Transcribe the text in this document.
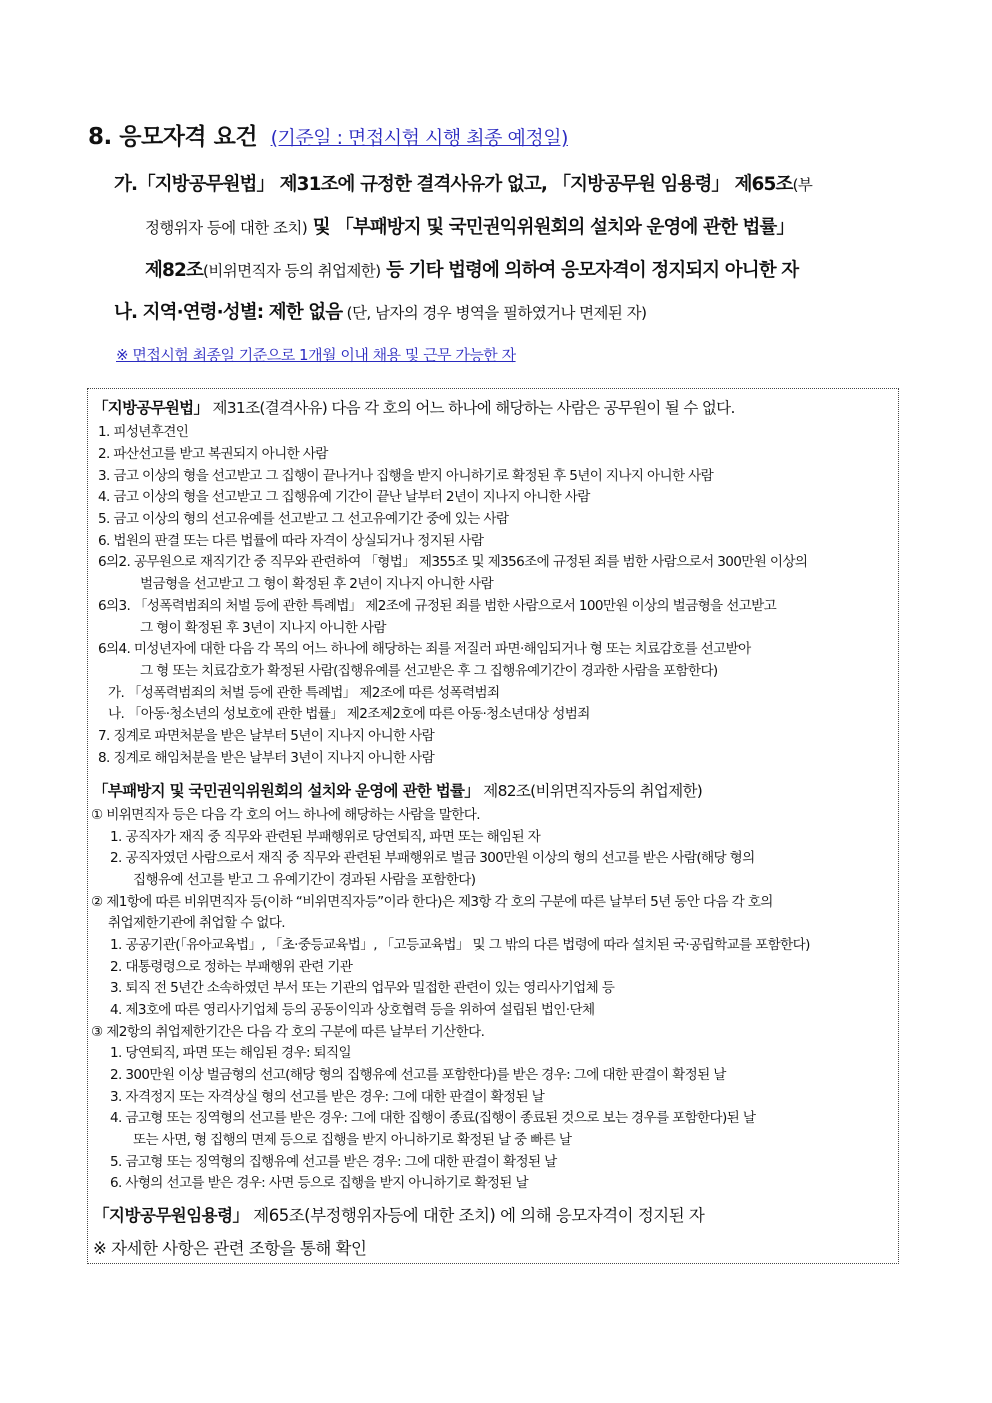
8. 응모자격 요건 (기준일 : 면접시험 시행 최종 예정일)
가.「지방공무원법」 제31조에 규정한 결격사유가 없고, 「지방공무원 임용령」 제65조(부
정행위자 등에 대한 조치) 및 「부패방지 및 국민권익위원회의 설치와 운영에 관한 법률」
제82조(비위면직자 등의 취업제한) 등 기타 법령에 의하여 응모자격이 정지되지 아니한 자
나. 지역·연령·성별: 제한 없음 (단, 남자의 경우 병역을 필하였거나 면제된 자)
※ 면접시험 최종일 기준으로 1개월 이내 채용 및 근무 가능한 자
「지방공무원법」 제31조(결격사유) 다음 각 호의 어느 하나에 해당하는 사람은 공무원이 될 수 없다.
1. 피성년후견인
2. 파산선고를 받고 복권되지 아니한 사람
3. 금고 이상의 형을 선고받고 그 집행이 끝나거나 집행을 받지 아니하기로 확정된 후 5년이 지나지 아니한 사람
4. 금고 이상의 형을 선고받고 그 집행유예 기간이 끝난 날부터 2년이 지나지 아니한 사람
5. 금고 이상의 형의 선고유예를 선고받고 그 선고유예기간 중에 있는 사람
6. 법원의 판결 또는 다른 법률에 따라 자격이 상실되거나 정지된 사람
6의2. 공무원으로 재직기간 중 직무와 관련하여 「형법」 제355조 및 제356조에 규정된 죄를 범한 사람으로서 300만원 이상의
벌금형을 선고받고 그 형이 확정된 후 2년이 지나지 아니한 사람
6의3. 「성폭력범죄의 처벌 등에 관한 특례법」 제2조에 규정된 죄를 범한 사람으로서 100만원 이상의 벌금형을 선고받고
그 형이 확정된 후 3년이 지나지 아니한 사람
6의4. 미성년자에 대한 다음 각 목의 어느 하나에 해당하는 죄를 저질러 파면·해임되거나 형 또는 치료감호를 선고받아
그 형 또는 치료감호가 확정된 사람(집행유예를 선고받은 후 그 집행유예기간이 경과한 사람을 포함한다)
가. 「성폭력범죄의 처벌 등에 관한 특례법」 제2조에 따른 성폭력범죄
나. 「아동·청소년의 성보호에 관한 법률」 제2조제2호에 따른 아동·청소년대상 성범죄
7. 징계로 파면처분을 받은 날부터 5년이 지나지 아니한 사람
8. 징계로 해임처분을 받은 날부터 3년이 지나지 아니한 사람
「부패방지 및 국민권익위원회의 설치와 운영에 관한 법률」 제82조(비위면직자등의 취업제한)
① 비위면직자 등은 다음 각 호의 어느 하나에 해당하는 사람을 말한다.
1. 공직자가 재직 중 직무와 관련된 부패행위로 당연퇴직, 파면 또는 해임된 자
2. 공직자였던 사람으로서 재직 중 직무와 관련된 부패행위로 벌금 300만원 이상의 형의 선고를 받은 사람(해당 형의
집행유예 선고를 받고 그 유예기간이 경과된 사람을 포함한다)
② 제1항에 따른 비위면직자 등(이하 “비위면직자등”이라 한다)은 제3항 각 호의 구분에 따른 날부터 5년 동안 다음 각 호의
취업제한기관에 취업할 수 없다.
1. 공공기관(「유아교육법」, 「초·중등교육법」, 「고등교육법」 및 그 밖의 다른 법령에 따라 설치된 국·공립학교를 포함한다)
2. 대통령령으로 정하는 부패행위 관련 기관
3. 퇴직 전 5년간 소속하였던 부서 또는 기관의 업무와 밀접한 관련이 있는 영리사기업체 등
4. 제3호에 따른 영리사기업체 등의 공동이익과 상호협력 등을 위하여 설립된 법인·단체
③ 제2항의 취업제한기간은 다음 각 호의 구분에 따른 날부터 기산한다.
1. 당연퇴직, 파면 또는 해임된 경우: 퇴직일
2. 300만원 이상 벌금형의 선고(해당 형의 집행유예 선고를 포함한다)를 받은 경우: 그에 대한 판결이 확정된 날
3. 자격정지 또는 자격상실 형의 선고를 받은 경우: 그에 대한 판결이 확정된 날
4. 금고형 또는 징역형의 선고를 받은 경우: 그에 대한 집행이 종료(집행이 종료된 것으로 보는 경우를 포함한다)된 날
또는 사면, 형 집행의 면제 등으로 집행을 받지 아니하기로 확정된 날 중 빠른 날
5. 금고형 또는 징역형의 집행유예 선고를 받은 경우: 그에 대한 판결이 확정된 날
6. 사형의 선고를 받은 경우: 사면 등으로 집행을 받지 아니하기로 확정된 날
「지방공무원임용령」 제65조(부정행위자등에 대한 조치) 에 의해 응모자격이 정지된 자
※ 자세한 사항은 관련 조항을 통해 확인
